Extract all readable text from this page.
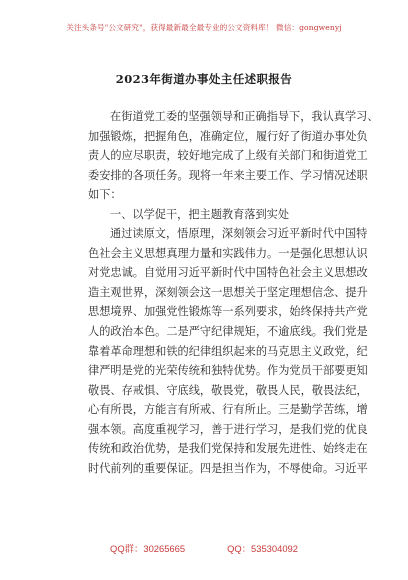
关注头条号"公文研究"，获得最新最全最专业的公文资料库！ 微信：gongwenyj
2023年街道办事处主任述职报告
在街道党工委的坚强领导和正确指导下，我认真学习、
加强锻炼，把握角色，准确定位，履行好了街道办事处负
责人的应尽职责，较好地完成了上级有关部门和街道党工
委安排的各项任务。现将一年来主要工作、学习情况述职
如下：
一、以学促干，把主题教育落到实处
通过读原文，悟原理，深刻领会习近平新时代中国特
色社会主义思想真理力量和实践伟力。一是强化思想认识
对党忠诚。自觉用习近平新时代中国特色社会主义思想改
造主观世界，深刻领会这一思想关于坚定理想信念、提升
思想境界、加强党性锻炼等一系列要求，始终保持共产党
人的政治本色。二是严守纪律规矩，不逾底线。我们党是
靠着革命理想和铁的纪律组织起来的马克思主义政党，纪
律严明是党的光荣传统和独特优势。作为党员干部要更知
敬畏、存戒惧、守底线，敬畏党，敬畏人民，敬畏法纪，
心有所畏，方能言有所戒、行有所止。三是勤学苦练，增
强本领。高度重视学习，善于进行学习，是我们党的优良
传统和政治优势，是我们党保持和发展先进性、始终走在
时代前列的重要保证。四是担当作为，不辱使命。习近平
QQ群：30265665	QQ：535304092
